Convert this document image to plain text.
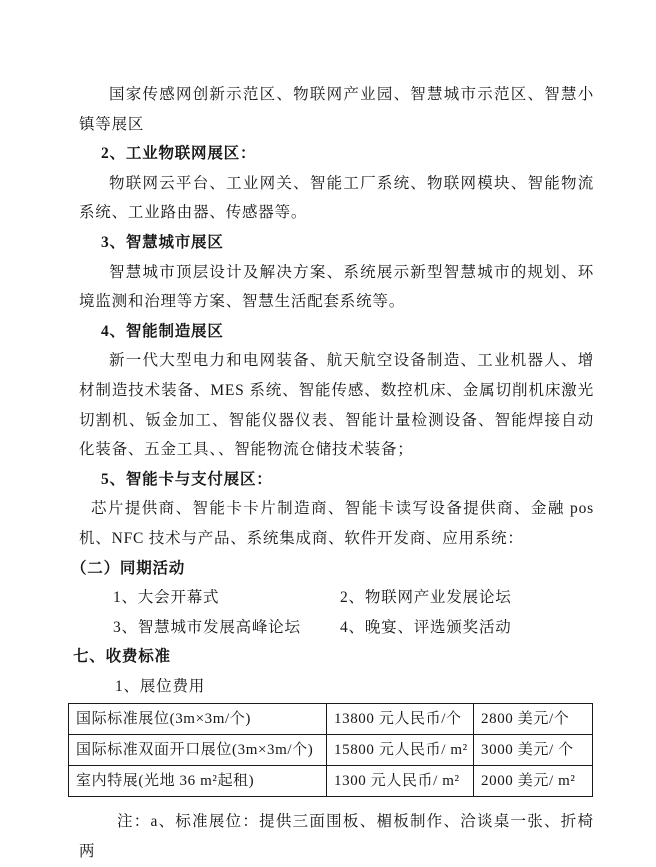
国家传感网创新示范区、物联网产业园、智慧城市示范区、智慧小镇等展区

2、工业物联网展区：

物联网云平台、工业网关、智能工厂系统、物联网模块、智能物流系统、工业路由器、传感器等。

3、智慧城市展区

智慧城市顶层设计及解决方案、系统展示新型智慧城市的规划、环境监测和治理等方案、智慧生活配套系统等。

4、智能制造展区

新一代大型电力和电网装备、航天航空设备制造、工业机器人、增材制造技术装备、MES 系统、智能传感、数控机床、金属切削机床激光切割机、钣金加工、智能仪器仪表、智能计量检测设备、智能焊接自动化装备、五金工具、、智能物流仓储技术装备；

5、智能卡与支付展区：

芯片提供商、智能卡卡片制造商、智能卡读写设备提供商、金融 pos 机、NFC 技术与产品、系统集成商、软件开发商、应用系统：

（二）同期活动

1、大会开幕式	2、物联网产业发展论坛
3、智慧城市发展高峰论坛	4、晚宴、评选颁奖活动

七、收费标准

1、展位费用

国际标准展位(3m×3m/个)	13800 元人民币/个	2800 美元/个
国际标准双面开口展位(3m×3m/个)	15800 元人民币/ m²	3000 美元/ 个
室内特展(光地 36 m²起租)	1300 元人民币/ m²	2000 美元/ m²

注：a、标准展位：提供三面围板、楣板制作、洽谈桌一张、折椅两
